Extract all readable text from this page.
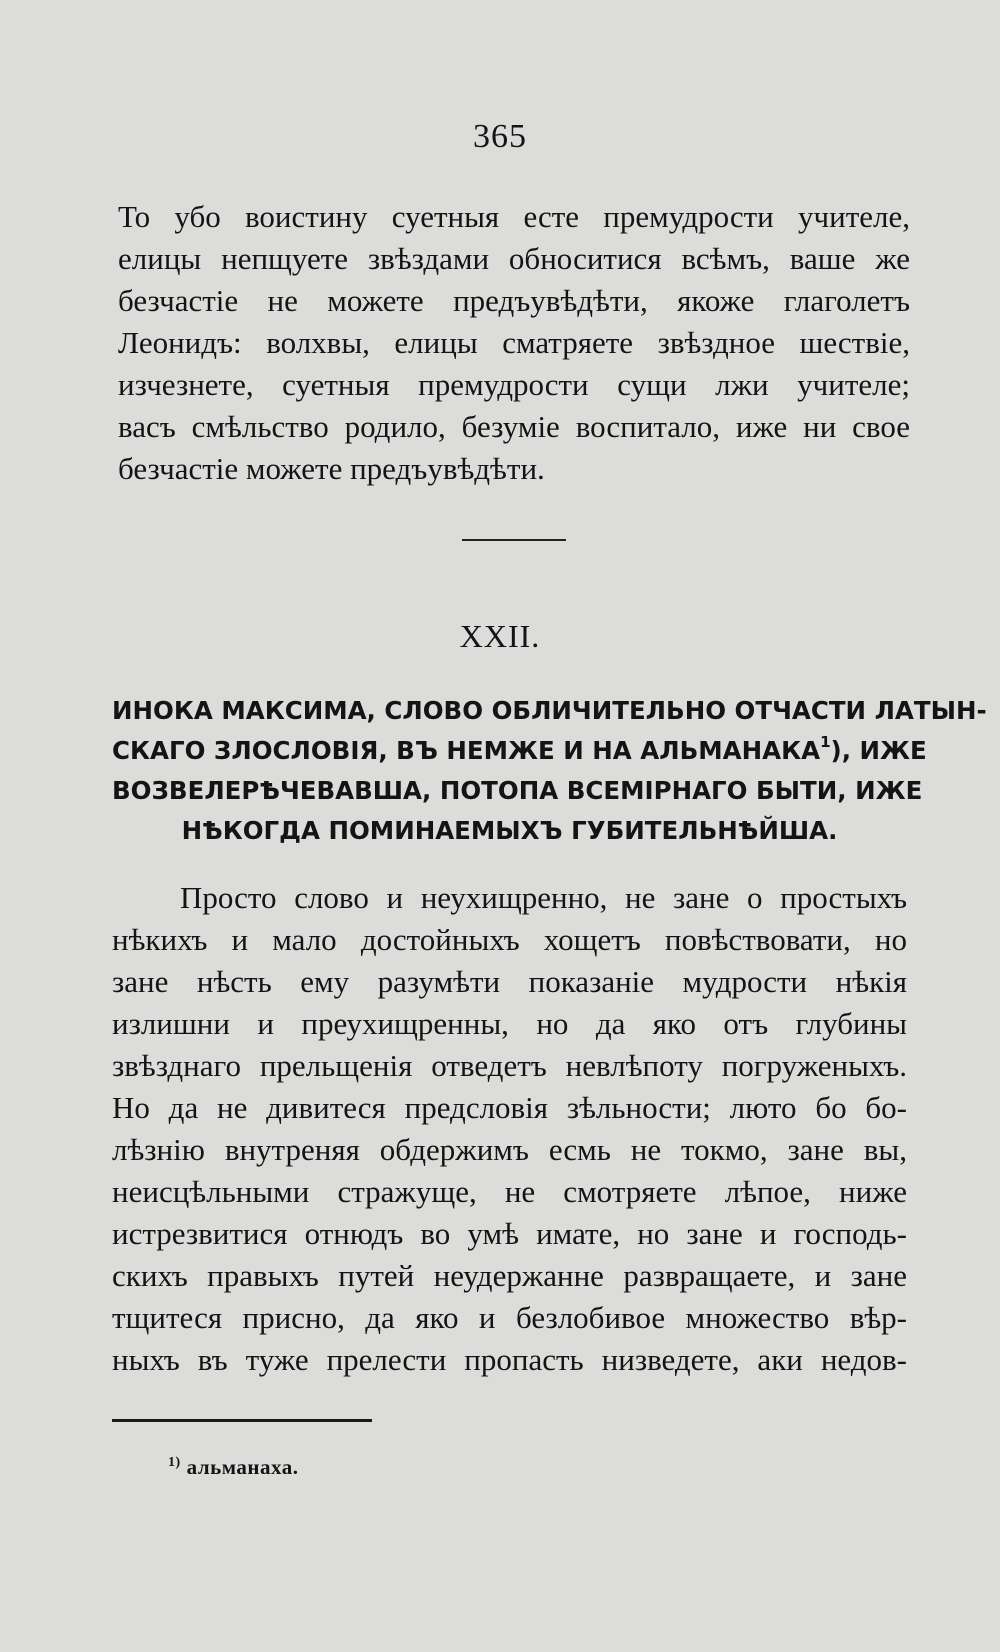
365
То убо воистину суетныя есте премудрости учителе,
елицы непщуете звѣздами обноситися всѣмъ, ваше же
безчастіе не можете предъувѣдѣти, якоже глаголетъ
Леонидъ: волхвы, елицы сматряете звѣздное шествіе,
изчезнете, суетныя премудрости сущи лжи учителе;
васъ смѣльство родило, безуміе воспитало, иже ни свое
безчастіе можете предъувѣдѣти.
XXII.
ИНОКА МАКСИМА, СЛОВО ОБЛИЧИТЕЛЬНО ОТЧАСТИ ЛАТЫН-
СКАГО ЗЛОСЛОВІЯ, ВЪ НЕМЖЕ И НА АЛЬМАНАКА$^1$), ИЖЕ
ВОЗВЕЛЕРѢЧЕВАВША, ПОТОПА ВСЕМІРНАГО БЫТИ, ИЖЕ
НѢКОГДА ПОМИНАЕМЫХЪ ГУБИТЕЛЬНѢЙША.
Просто слово и неухищренно, не зане о простыхъ
нѣкихъ и мало достойныхъ хощетъ повѣствовати, но
зане нѣсть ему разумѣти показаніе мудрости нѣкія
излишни и преухищренны, но да яко отъ глубины
звѣзднаго прельщенія отведетъ невлѣпоту погруженыхъ.
Но да не дивитеся предсловія зѣльности; люто бо бо-
лѣзнію внутреняя обдержимъ есмь не токмо, зане вы,
неисцѣльными стражуще, не смотряете лѣпое, ниже
истрезвитися отнюдъ во умѣ имате, но зане и господь-
скихъ правыхъ путей неудержанне развращаете, и зане
тщитеся присно, да яко и безлобивое множество вѣр-
ныхъ въ туже прелести пропасть низведете, аки недов-
$^{1)}$ альманаха.
